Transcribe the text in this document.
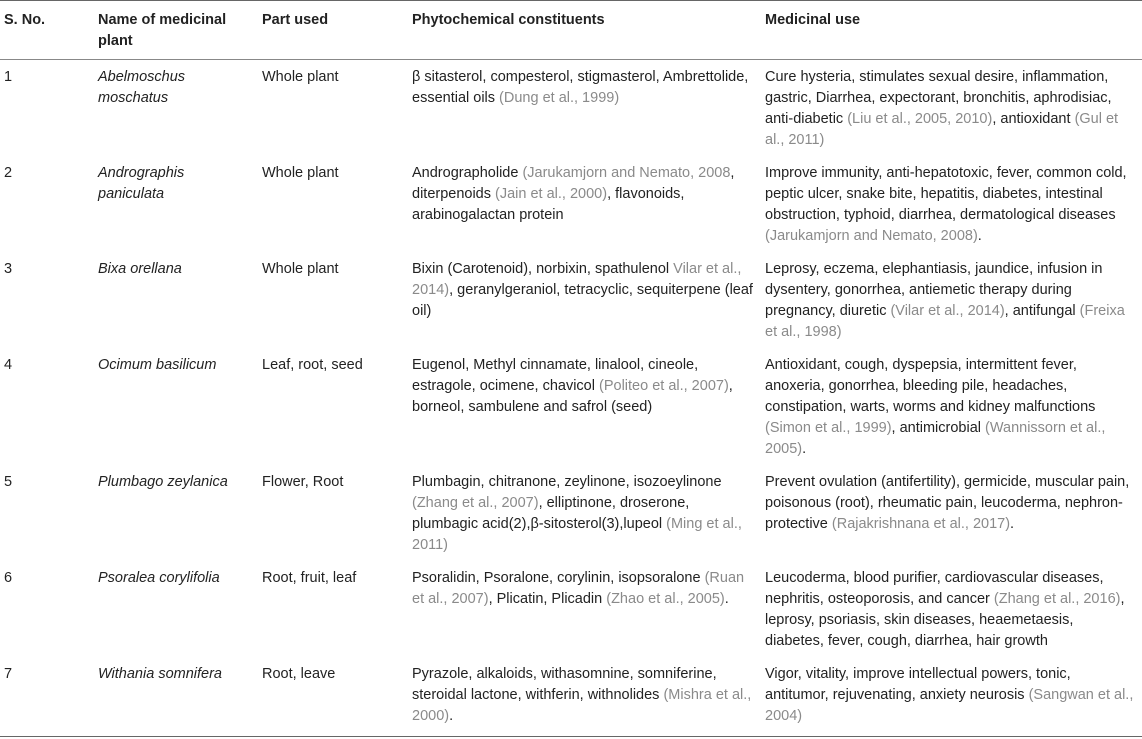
S. No.	Name of medicinal plant	Part used	Phytochemical constituents	Medicinal use
1	Abelmoschus moschatus	Whole plant	β sitasterol, compesterol, stigmasterol, Ambrettolide, essential oils (Dung et al., 1999)	Cure hysteria, stimulates sexual desire, inflammation, gastric, Diarrhea, expectorant, bronchitis, aphrodisiac, anti-diabetic (Liu et al., 2005, 2010), antioxidant (Gul et al., 2011)
2	Andrographis paniculata	Whole plant	Andrographolide (Jarukamjorn and Nemato, 2008, diterpenoids (Jain et al., 2000), flavonoids, arabinogalactan protein	Improve immunity, anti-hepatotoxic, fever, common cold, peptic ulcer, snake bite, hepatitis, diabetes, intestinal obstruction, typhoid, diarrhea, dermatological diseases (Jarukamjorn and Nemato, 2008).
3	Bixa orellana	Whole plant	Bixin (Carotenoid), norbixin, spathulenol Vilar et al., 2014), geranylgeraniol, tetracyclic, sequiterpene (leaf oil)	Leprosy, eczema, elephantiasis, jaundice, infusion in dysentery, gonorrhea, antiemetic therapy during pregnancy, diuretic (Vilar et al., 2014), antifungal (Freixa et al., 1998)
4	Ocimum basilicum	Leaf, root, seed	Eugenol, Methyl cinnamate, linalool, cineole, estragole, ocimene, chavicol (Politeo et al., 2007), borneol, sambulene and safrol (seed)	Antioxidant, cough, dyspepsia, intermittent fever, anoxeria, gonorrhea, bleeding pile, headaches, constipation, warts, worms and kidney malfunctions (Simon et al., 1999), antimicrobial (Wannissorn et al., 2005).
5	Plumbago zeylanica	Flower, Root	Plumbagin, chitranone, zeylinone, isozoeylinone (Zhang et al., 2007), elliptinone, droserone, plumbagic acid(2),β-sitosterol(3),lupeol (Ming et al., 2011)	Prevent ovulation (antifertility), germicide, muscular pain, poisonous (root), rheumatic pain, leucoderma, nephron-protective (Rajakrishnana et al., 2017).
6	Psoralea corylifolia	Root, fruit, leaf	Psoralidin, Psoralone, corylinin, isopsoralone (Ruan et al., 2007), Plicatin, Plicadin (Zhao et al., 2005).	Leucoderma, blood purifier, cardiovascular diseases, nephritis, osteoporosis, and cancer (Zhang et al., 2016), leprosy, psoriasis, skin diseases, heaemetaesis, diabetes, fever, cough, diarrhea, hair growth
7	Withania somnifera	Root, leave	Pyrazole, alkaloids, withasomnine, somniferine, steroidal lactone, withferin, withnolides (Mishra et al., 2000).	Vigor, vitality, improve intellectual powers, tonic, antitumor, rejuvenating, anxiety neurosis (Sangwan et al., 2004)
